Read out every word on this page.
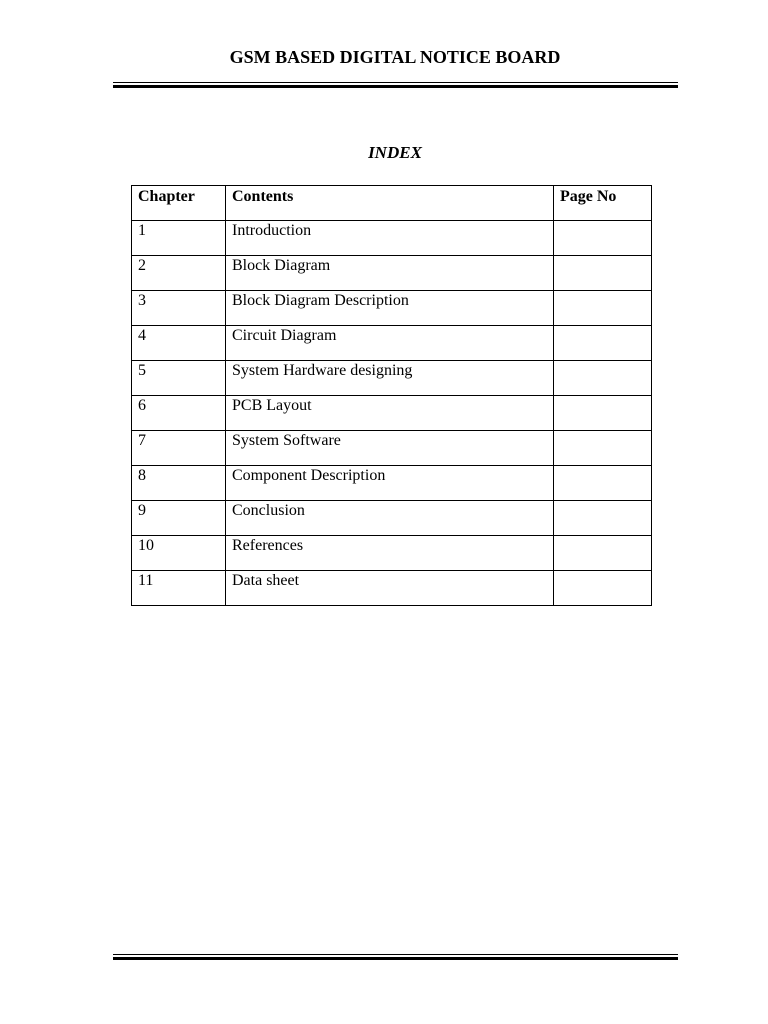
GSM BASED DIGITAL NOTICE BOARD
INDEX
Chapter	Contents	Page No
1	Introduction	
2	Block Diagram	
3	Block Diagram Description	
4	Circuit Diagram	
5	System Hardware designing	
6	PCB Layout	
7	System Software	
8	Component Description	
9	Conclusion	
10	References	
11	Data sheet	
